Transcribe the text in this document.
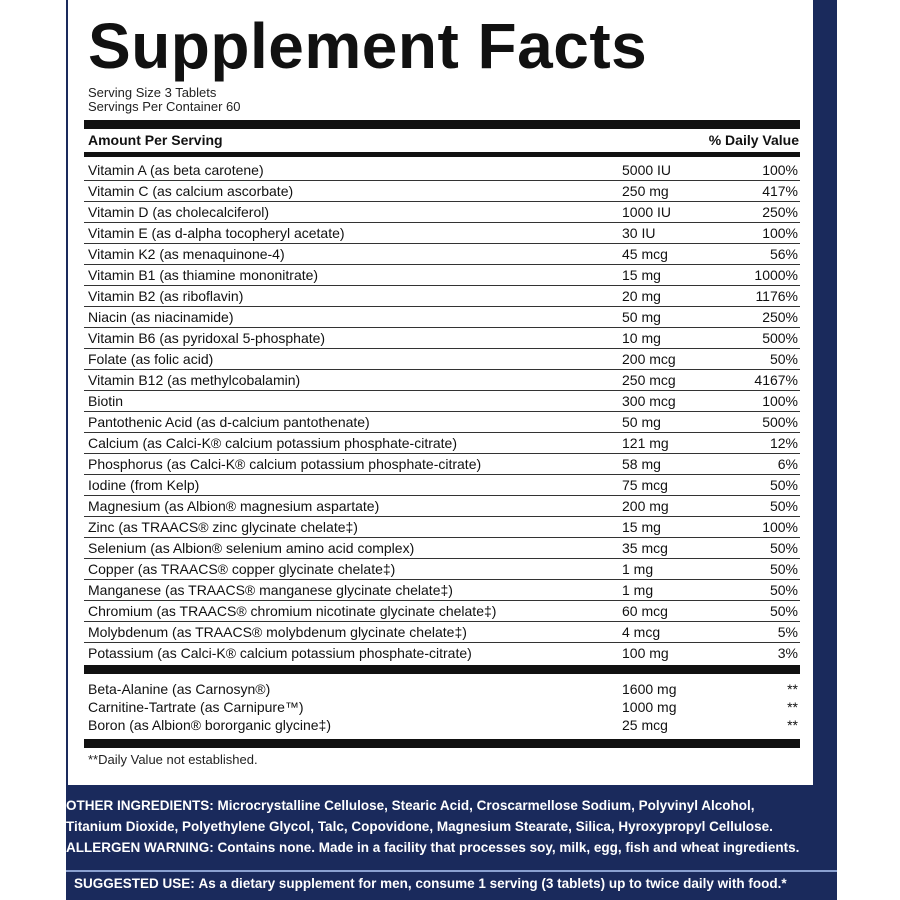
Supplement Facts
Serving Size 3 Tablets
Servings Per Container 60
Amount Per Serving	% Daily Value
Vitamin A (as beta carotene)	5000 IU	100%
Vitamin C (as calcium ascorbate)	250 mg	417%
Vitamin D (as cholecalciferol)	1000 IU	250%
Vitamin E (as d-alpha tocopheryl acetate)	30 IU	100%
Vitamin K2 (as menaquinone-4)	45 mcg	56%
Vitamin B1 (as thiamine mononitrate)	15 mg	1000%
Vitamin B2 (as riboflavin)	20 mg	1176%
Niacin (as niacinamide)	50 mg	250%
Vitamin B6 (as pyridoxal 5-phosphate)	10 mg	500%
Folate (as folic acid)	200 mcg	50%
Vitamin B12 (as methylcobalamin)	250 mcg	4167%
Biotin	300 mcg	100%
Pantothenic Acid (as d-calcium pantothenate)	50 mg	500%
Calcium (as Calci-K® calcium potassium phosphate-citrate)	121 mg	12%
Phosphorus (as Calci-K® calcium potassium phosphate-citrate)	58 mg	6%
Iodine (from Kelp)	75 mcg	50%
Magnesium (as Albion® magnesium aspartate)	200 mg	50%
Zinc (as TRAACS® zinc glycinate chelate‡)	15 mg	100%
Selenium (as Albion® selenium amino acid complex)	35 mcg	50%
Copper (as TRAACS® copper glycinate chelate‡)	1 mg	50%
Manganese (as TRAACS® manganese glycinate chelate‡)	1 mg	50%
Chromium (as TRAACS® chromium nicotinate glycinate chelate‡)	60 mcg	50%
Molybdenum (as TRAACS® molybdenum glycinate chelate‡)	4 mcg	5%
Potassium (as Calci-K® calcium potassium phosphate-citrate)	100 mg	3%
Beta-Alanine (as Carnosyn®)	1600 mg	**
Carnitine-Tartrate (as Carnipure™)	1000 mg	**
Boron (as Albion® bororganic glycine‡)	25 mcg	**
**Daily Value not established.
OTHER INGREDIENTS: Microcrystalline Cellulose, Stearic Acid, Croscarmellose Sodium, Polyvinyl Alcohol,
Titanium Dioxide, Polyethylene Glycol, Talc, Copovidone, Magnesium Stearate, Silica, Hyroxypropyl Cellulose.
ALLERGEN WARNING: Contains none. Made in a facility that processes soy, milk, egg, fish and wheat ingredients.
SUGGESTED USE: As a dietary supplement for men, consume 1 serving (3 tablets) up to twice daily with food.*
